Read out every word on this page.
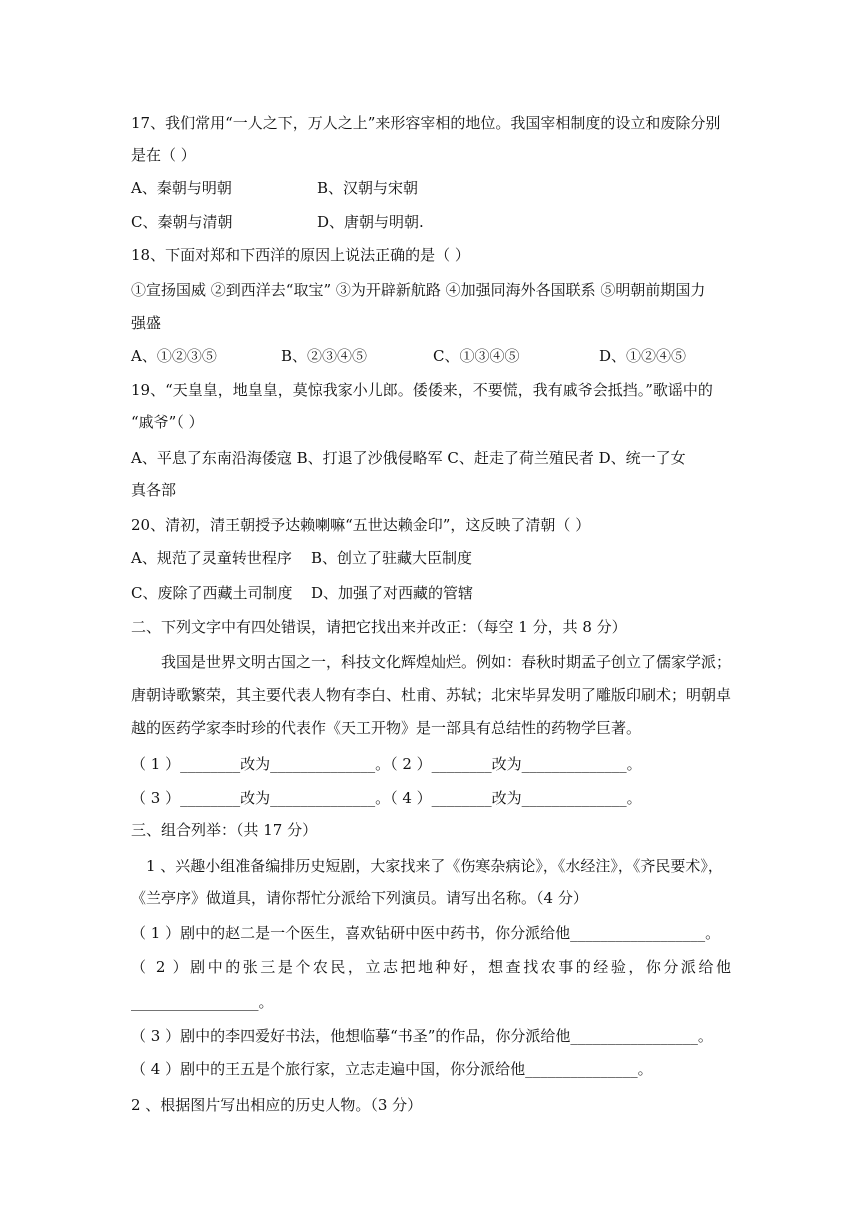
17、我们常用“一人之下，万人之上”来形容宰相的地位。我国宰相制度的设立和废除分别
是在（ ）
A、秦朝与明朝	B、汉朝与宋朝
C、秦朝与清朝	D、唐朝与明朝.
18、下面对郑和下西洋的原因上说法正确的是（ ）
①宣扬国威 ②到西洋去“取宝” ③为开辟新航路 ④加强同海外各国联系 ⑤明朝前期国力
强盛
A、①②③⑤	B、②③④⑤	C、①③④⑤	D、①②④⑤
19、“天皇皇，地皇皇，莫惊我家小儿郎。倭倭来，不要慌，我有戚爷会抵挡。”歌谣中的
“戚爷”（ ）
A、平息了东南沿海倭寇 B、打退了沙俄侵略军 C、赶走了荷兰殖民者 D、统一了女
真各部
20、清初，清王朝授予达赖喇嘛“五世达赖金印”，这反映了清朝（ ）
A、规范了灵童转世程序	B、创立了驻藏大臣制度
C、废除了西藏土司制度	D、加强了对西藏的管辖
二、下列文字中有四处错误，请把它找出来并改正：（每空 1 分，共 8 分）
我国是世界文明古国之一，科技文化辉煌灿烂。例如：春秋时期孟子创立了儒家学派；
唐朝诗歌繁荣，其主要代表人物有李白、杜甫、苏轼；北宋毕昇发明了雕版印刷术；明朝卓
越的医药学家李时珍的代表作《天工开物》是一部具有总结性的药物学巨著。
（ 1 ）________改为______________。（ 2 ）________改为______________。
（ 3 ）________改为______________。（ 4 ）________改为______________。
三、组合列举：（共 17 分）
1 、兴趣小组准备编排历史短剧，大家找来了《伤寒杂病论》，《水经注》，《齐民要术》，
《兰亭序》做道具，请你帮忙分派给下列演员。请写出名称。（4 分）
（ 1 ）剧中的赵二是一个医生，喜欢钻研中医中药书，你分派给他__________________。
（ 2 ）剧中的张三是个农民，立志把地种好，想查找农事的经验，你分派给他
_________________。
（ 3 ）剧中的李四爱好书法，他想临摹“书圣”的作品，你分派给他_________________。
（ 4 ）剧中的王五是个旅行家，立志走遍中国，你分派给他_______________。
2 、根据图片写出相应的历史人物。（3 分）
